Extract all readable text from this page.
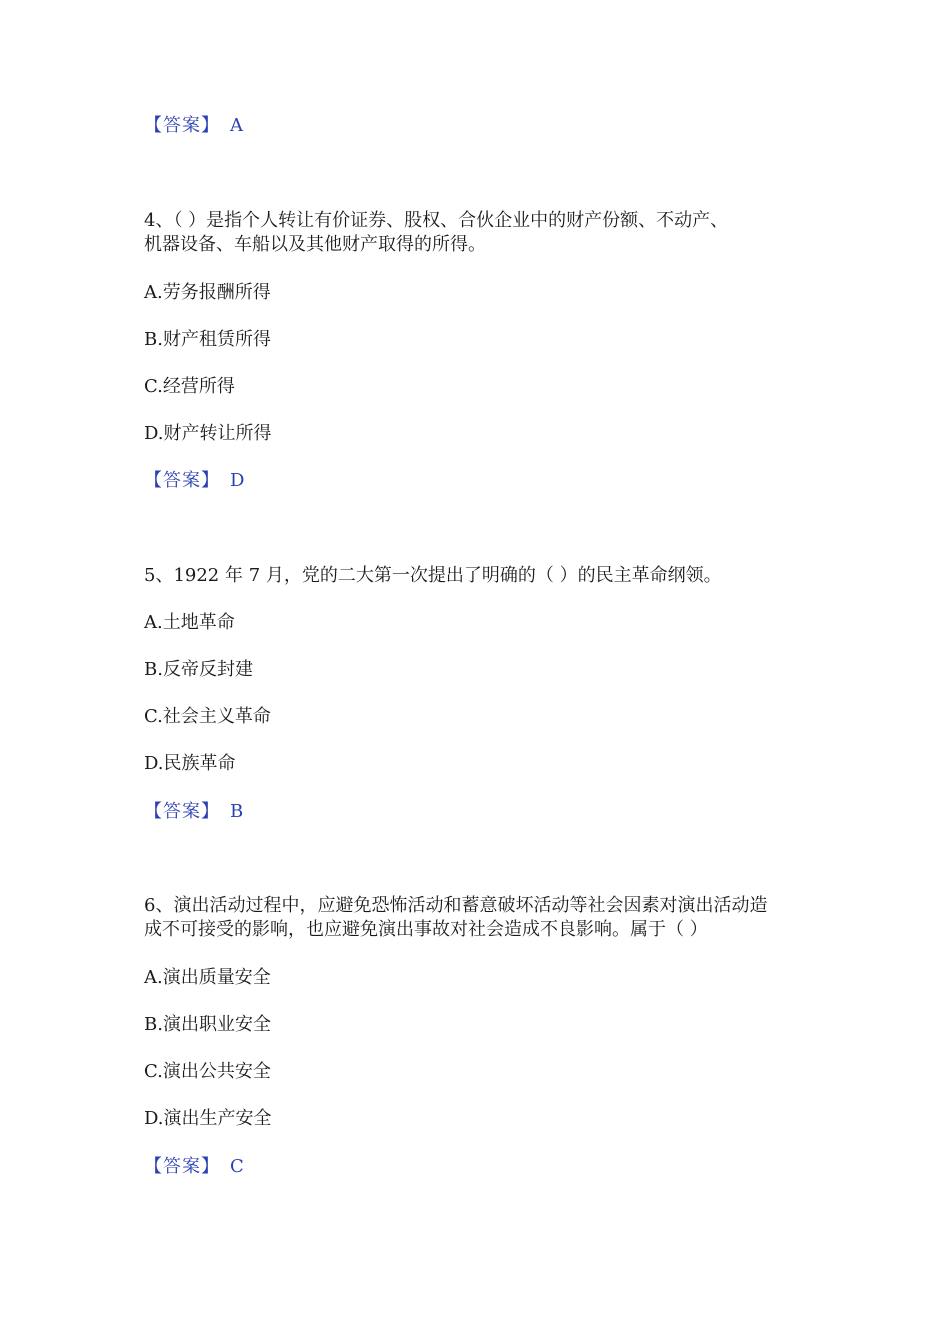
【答案】 A
4、（ ）是指个人转让有价证券、股权、合伙企业中的财产份额、不动产、
机器设备、车船以及其他财产取得的所得。
A.劳务报酬所得
B.财产租赁所得
C.经营所得
D.财产转让所得
【答案】 D
5、1922 年 7 月，党的二大第一次提出了明确的（ ）的民主革命纲领。
A.土地革命
B.反帝反封建
C.社会主义革命
D.民族革命
【答案】 B
6、演出活动过程中，应避免恐怖活动和蓄意破坏活动等社会因素对演出活动造
成不可接受的影响，也应避免演出事故对社会造成不良影响。属于（ ）
A.演出质量安全
B.演出职业安全
C.演出公共安全
D.演出生产安全
【答案】 C
